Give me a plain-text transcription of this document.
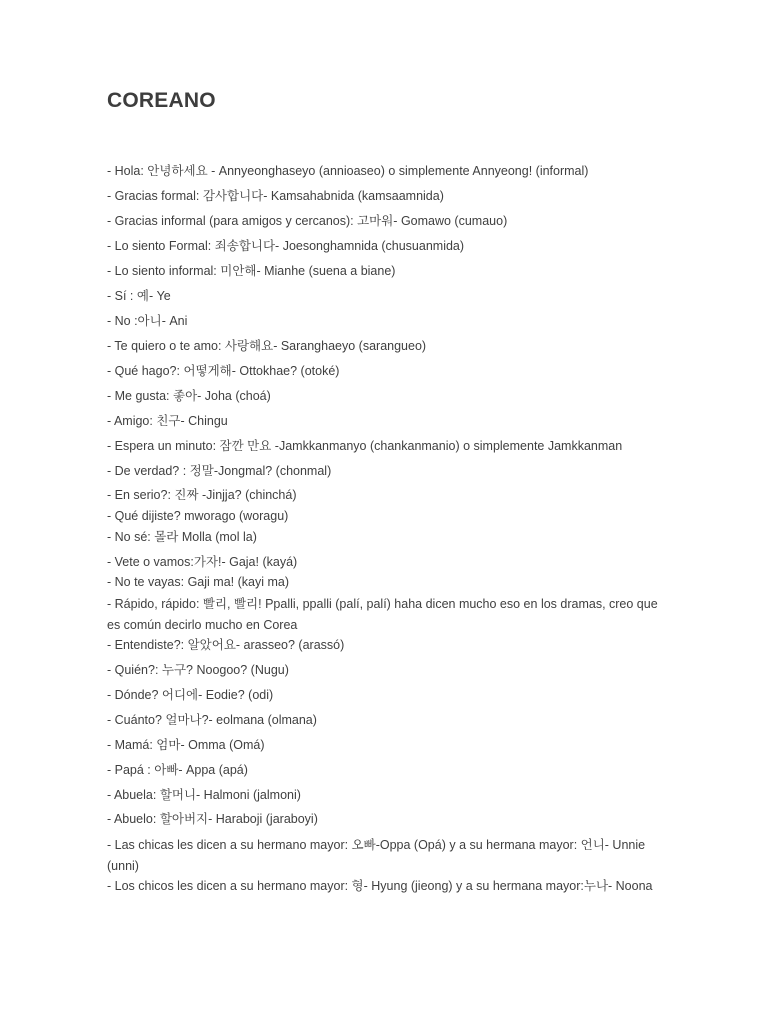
COREANO

- Hola: 안녕하세요 - Annyeonghaseyo (annioaseo) o simplemente Annyeong! (informal)

- Gracias formal: 감사합니다- Kamsahabnida (kamsaamnida)

- Gracias informal (para amigos y cercanos): 고마워- Gomawo (cumauo)

- Lo siento Formal: 죄송합니다- Joesonghamnida (chusuanmida)

- Lo siento informal: 미안해- Mianhe (suena a biane)

- Sí : 예- Ye

- No :아니- Ani

- Te quiero o te amo: 사랑해요- Saranghaeyo (sarangueo)

- Qué hago?: 어떻게해- Ottokhae? (otoké)

- Me gusta: 좋아- Joha (choá)

- Amigo: 친구- Chingu

- Espera un minuto: 잠깐 만요 -Jamkkanmanyo (chankanmanio) o simplemente Jamkkanman

- De verdad? : 정말-Jongmal? (chonmal)

- En serio?: 진짜 -Jinjja? (chinchá)

- Qué dijiste? mworago (woragu)

- No sé: 몰라 Molla (mol la)

- Vete o vamos:가자!- Gaja! (kayá)

- No te vayas: Gaji ma! (kayi ma)

- Rápido, rápido: 빨리, 빨리! Ppalli, ppalli (palí, palí) haha dicen mucho eso en los dramas, creo que es común decirlo mucho en Corea

- Entendiste?: 알았어요- arasseo? (arassó)

- Quién?: 누구? Noogoo? (Nugu)

- Dónde? 어디에- Eodie? (odi)

- Cuánto? 얼마나?- eolmana (olmana)

- Mamá: 엄마- Omma (Omá)

- Papá : 아빠- Appa (apá)

- Abuela: 할머니- Halmoni (jalmoni)

- Abuelo: 할아버지- Haraboji (jaraboyi)

- Las chicas les dicen a su hermano mayor: 오빠-Oppa (Opá) y a su hermana mayor: 언니- Unnie (unni)

- Los chicos les dicen a su hermano mayor: 형- Hyung (jieong) y a su hermana mayor:누나- Noona
